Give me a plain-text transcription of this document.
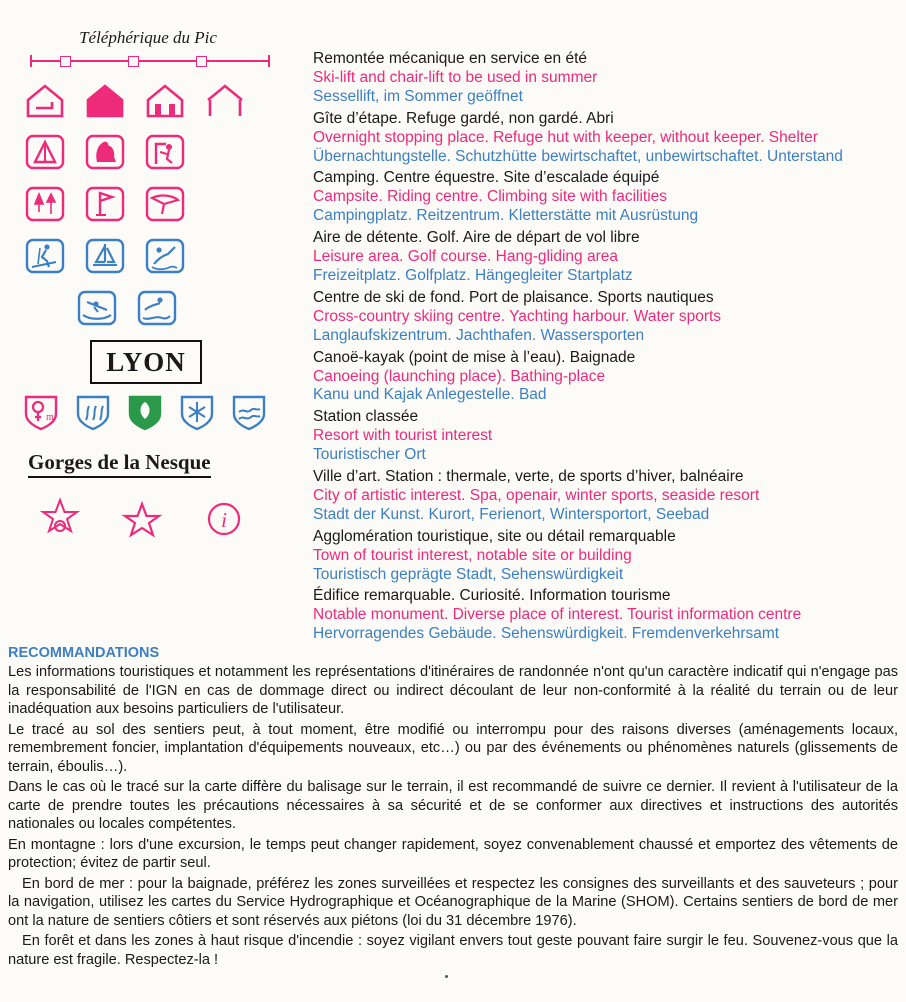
Téléphérique du Pic
LYON
m
Gorges de la Nesque
i
Remontée mécanique en service en été
Ski-lift and chair-lift to be used in summer
Sessellift, im Sommer geöffnet
Gîte d’étape. Refuge gardé, non gardé. Abri
Overnight stopping place. Refuge hut with keeper, without keeper. Shelter
Übernachtungstelle. Schutzhütte bewirtschaftet, unbewirtschaftet. Unterstand
Camping. Centre équestre. Site d’escalade équipé
Campsite. Riding centre. Climbing site with facilities
Campingplatz. Reitzentrum. Kletterstätte mit Ausrüstung
Aire de détente. Golf. Aire de départ de vol libre
Leisure area. Golf course. Hang-gliding area
Freizeitplatz. Golfplatz. Hängegleiter Startplatz
Centre de ski de fond. Port de plaisance. Sports nautiques
Cross-country skiing centre. Yachting harbour. Water sports
Langlaufskizentrum. Jachthafen. Wassersporten
Canoë-kayak (point de mise à l’eau). Baignade
Canoeing (launching place). Bathing-place
Kanu und Kajak Anlegestelle. Bad
Station classée
Resort with tourist interest
Touristischer Ort
Ville d’art. Station : thermale, verte, de sports d’hiver, balnéaire
City of artistic interest. Spa, openair, winter sports, seaside resort
Stadt der Kunst. Kurort, Ferienort, Wintersportort, Seebad
Agglomération touristique, site ou détail remarquable
Town of tourist interest, notable site or building
Touristisch geprägte Stadt, Sehenswürdigkeit
Édifice remarquable. Curiosité. Information tourisme
Notable monument. Diverse place of interest. Tourist information centre
Hervorragendes Gebäude. Sehenswürdigkeit. Fremdenverkehrsamt
RECOMMANDATIONS

Les informations touristiques et notamment les représentations d'itinéraires de randonnée n'ont qu'un caractère indicatif qui n'engage pas la responsabilité de l'IGN en cas de dommage direct ou indirect découlant de leur non-conformité à la réalité du terrain ou de leur inadéquation aux besoins particuliers de l'utilisateur.

Le tracé au sol des sentiers peut, à tout moment, être modifié ou interrompu pour des raisons diverses (aménagements locaux, remembrement foncier, implantation d'équipements nouveaux, etc…) ou par des événements ou phénomènes naturels (glissements de terrain, éboulis…).

Dans le cas où le tracé sur la carte diffère du balisage sur le terrain, il est recommandé de suivre ce dernier. Il revient à l'utilisateur de la carte de prendre toutes les précautions nécessaires à sa sécurité et de se conformer aux directives et instructions des autorités nationales ou locales compétentes.

En montagne : lors d'une excursion, le temps peut changer rapidement, soyez convenablement chaussé et emportez des vêtements de protection; évitez de partir seul.

En bord de mer : pour la baignade, préférez les zones surveillées et respectez les consignes des surveillants et des sauveteurs ; pour la navigation, utilisez les cartes du Service Hydrographique et Océanographique de la Marine (SHOM). Certains sentiers de bord de mer ont la nature de sentiers côtiers et sont réservés aux piétons (loi du 31 décembre 1976).

En forêt et dans les zones à haut risque d'incendie : soyez vigilant envers tout geste pouvant faire surgir le feu. Souvenez-vous que la nature est fragile. Respectez-la !
